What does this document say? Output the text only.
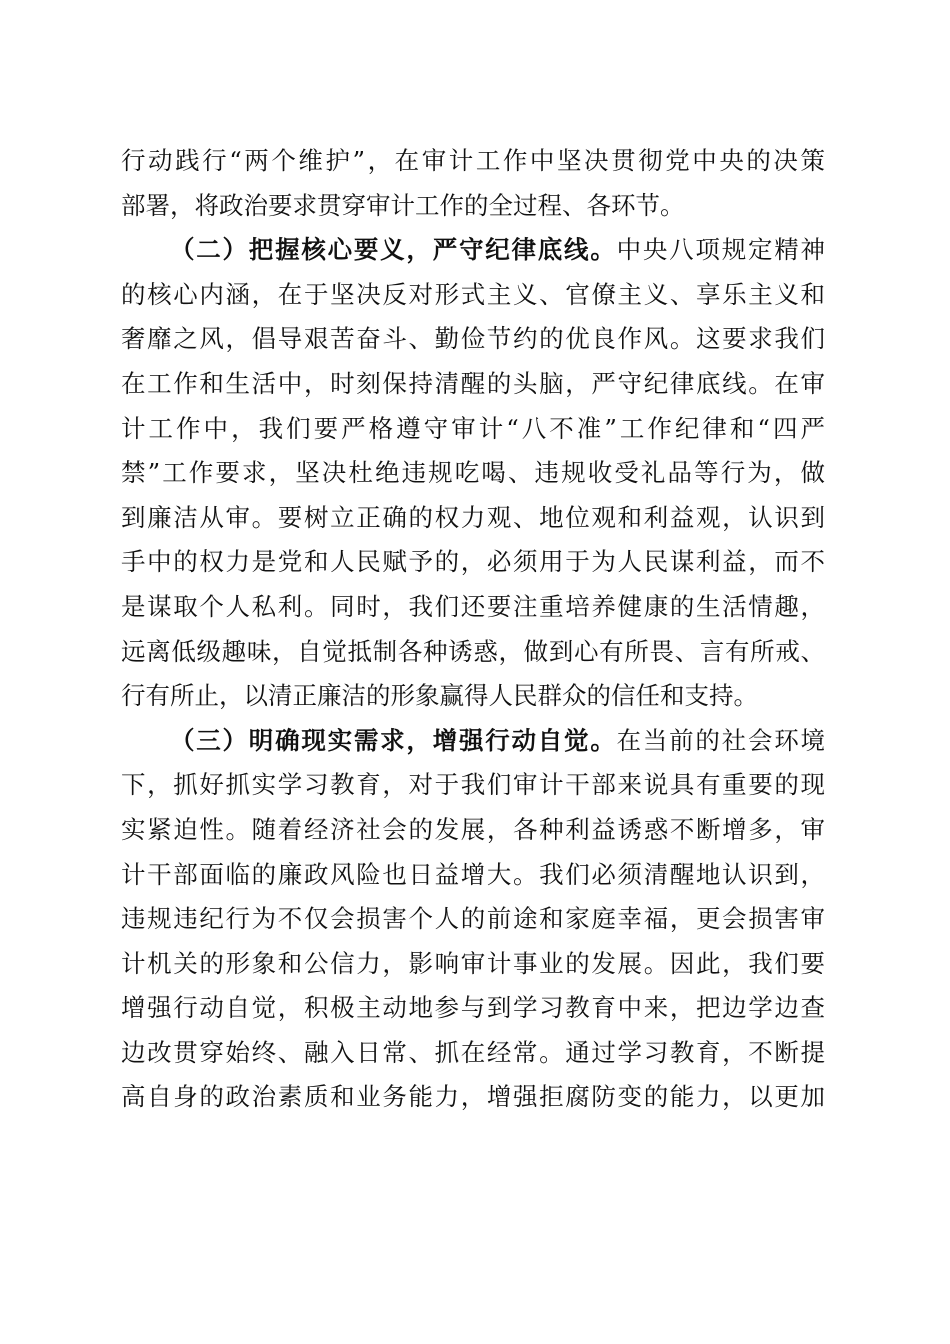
行动践行“两个维护”，在审计工作中坚决贯彻党中央的决策
部署，将政治要求贯穿审计工作的全过程、各环节。
（二）把握核心要义，严守纪律底线。中央八项规定精神
的核心内涵，在于坚决反对形式主义、官僚主义、享乐主义和
奢靡之风，倡导艰苦奋斗、勤俭节约的优良作风。这要求我们
在工作和生活中，时刻保持清醒的头脑，严守纪律底线。在审
计工作中，我们要严格遵守审计“八不准”工作纪律和“四严
禁”工作要求，坚决杜绝违规吃喝、违规收受礼品等行为，做
到廉洁从审。要树立正确的权力观、地位观和利益观，认识到
手中的权力是党和人民赋予的，必须用于为人民谋利益，而不
是谋取个人私利。同时，我们还要注重培养健康的生活情趣，
远离低级趣味，自觉抵制各种诱惑，做到心有所畏、言有所戒、
行有所止，以清正廉洁的形象赢得人民群众的信任和支持。
（三）明确现实需求，增强行动自觉。在当前的社会环境
下，抓好抓实学习教育，对于我们审计干部来说具有重要的现
实紧迫性。随着经济社会的发展，各种利益诱惑不断增多，审
计干部面临的廉政风险也日益增大。我们必须清醒地认识到，
违规违纪行为不仅会损害个人的前途和家庭幸福，更会损害审
计机关的形象和公信力，影响审计事业的发展。因此，我们要
增强行动自觉，积极主动地参与到学习教育中来，把边学边查
边改贯穿始终、融入日常、抓在经常。通过学习教育，不断提
高自身的政治素质和业务能力，增强拒腐防变的能力，以更加
